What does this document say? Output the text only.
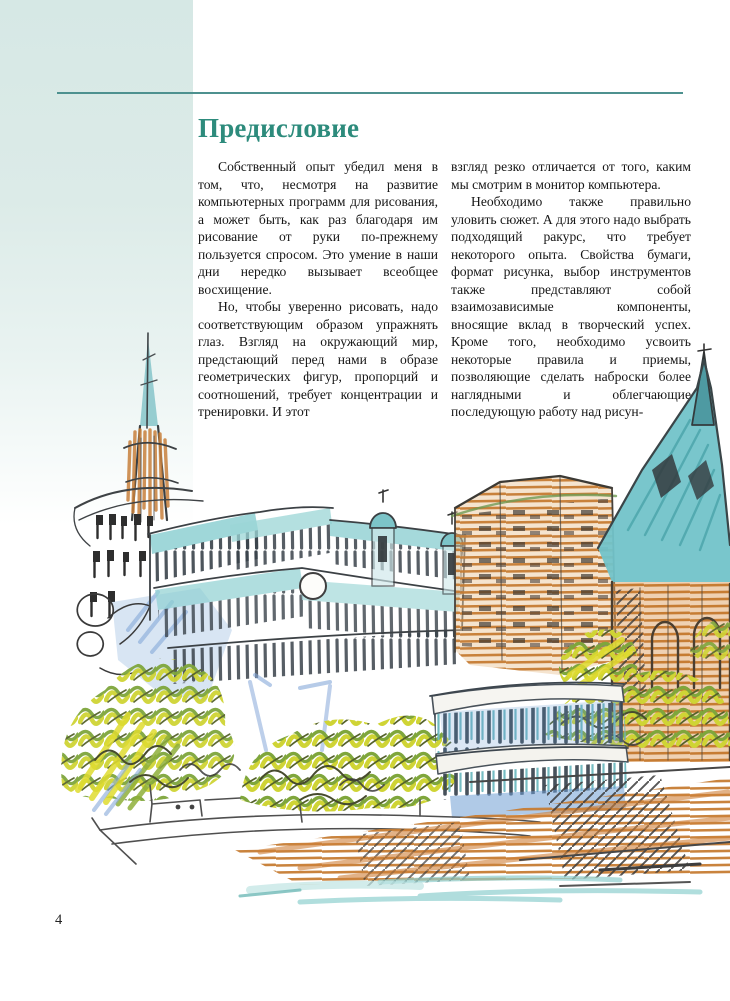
Предисловие

Собственный опыт убедил меня в том, что, несмотря на развитие компьютерных программ для рисования, а может быть, как раз благодаря им рисование от руки по-прежнему пользуется спросом. Это умение в наши дни нередко вызывает всеобщее восхищение.

Но, чтобы уверенно рисовать, надо соответствующим образом упражнять глаз. Взгляд на окружающий мир, предстающий перед нами в образе геометрических фигур, пропорций и соотношений, требует концентрации и тренировки. И этот

взгляд резко отличается от того, каким мы смотрим в монитор компьютера.

Необходимо также правильно уловить сюжет. А для этого надо выбрать подходящий ракурс, что требует некоторого опыта. Свойства бумаги, формат рисунка, выбор инструментов также представляют собой взаимозависимые компоненты, вносящие вклад в творческий успех. Кроме того, необходимо усвоить некоторые правила и приемы, позволяющие сделать наброски более наглядными и облегчающие последующую работу над рисун-

4
